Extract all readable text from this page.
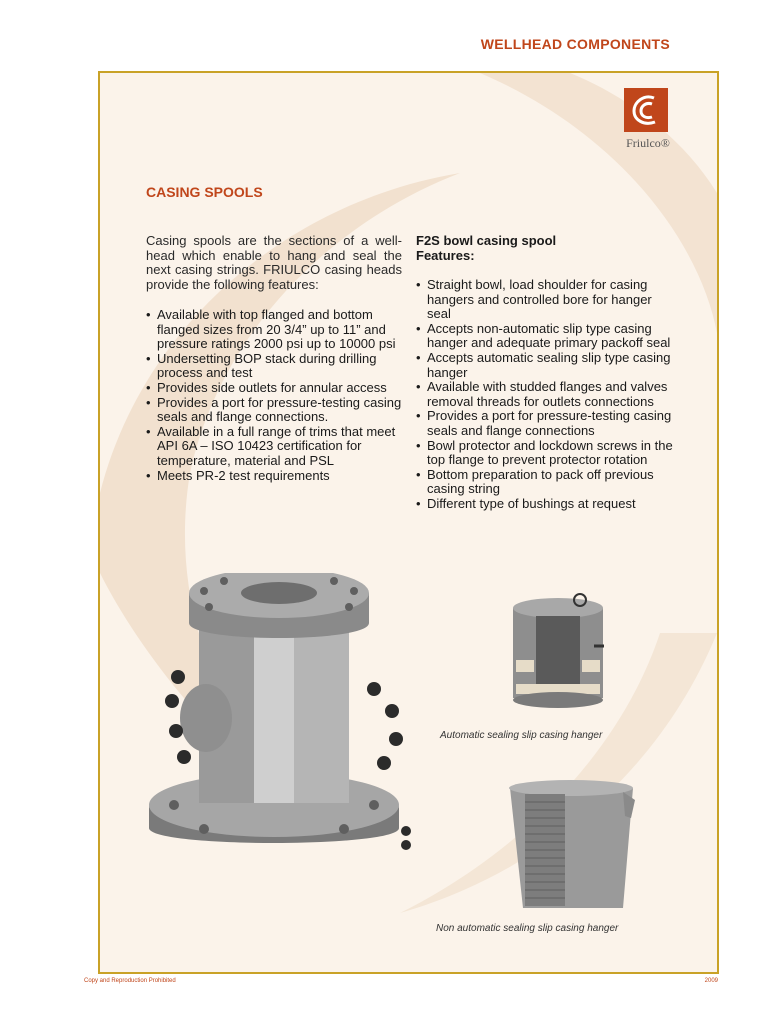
WELLHEAD COMPONENTS
Friulco®
CASING SPOOLS

Casing spools are the sections of a well-head which enable to hang and seal the next casing strings. FRIULCO casing heads provide the following features:

• Available with top flanged and bottom flanged sizes from 20 3/4” up to 11” and pressure ratings 2000 psi up to 10000 psi
• Undersetting BOP stack during drilling process and test
• Provides side outlets for annular access
• Provides a port for pressure-testing casing seals and flange connections.
• Available in a full range of trims that meet API 6A – ISO 10423 certification for temperature, material and PSL
• Meets PR-2 test requirements
F2S bowl casing spool
Features:
• Straight bowl, load shoulder for casing hangers and controlled bore for hanger seal
• Accepts non-automatic slip type casing hanger and adequate primary packoff seal
• Accepts automatic sealing slip type casing hanger
• Available with studded flanges and valves removal threads for outlets connections
• Provides a port for pressure-testing casing seals and flange connections
• Bowl protector and lockdown screws in the top flange to prevent protector rotation
• Bottom preparation to pack off previous casing string
• Different type of bushings at request
Automatic sealing slip casing hanger
Non automatic sealing slip casing hanger
Copy and Reproduction Prohibited	2009
